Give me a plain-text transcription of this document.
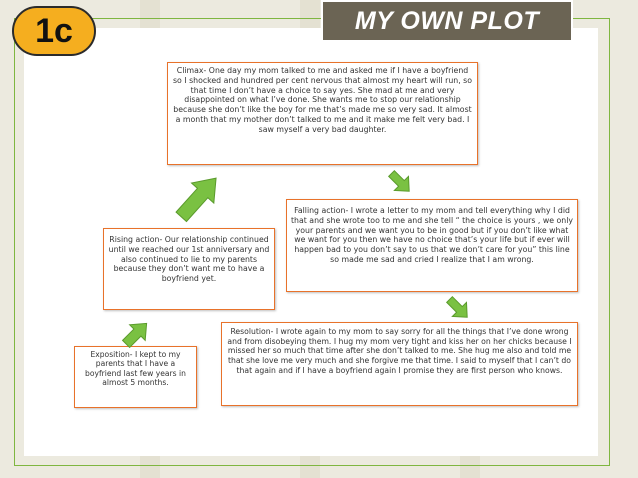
1c	MY OWN PLOT
Climax- One day my mom talked to me and asked me if I have a boyfriend so I shocked and hundred per cent nervous that almost my heart will run, so that time I don’t have a choice to say yes. She mad at me and very disappointed on what I’ve done. She wants me to stop our relationship because she don’t like the boy for me that’s made me so very sad. It almost a month that my mother don’t talked to me and it make me felt very bad. I saw myself a very bad daughter.
Falling action- I wrote a letter to my mom and tell everything why I did that and she wrote too to me and she tell “ the choice is yours , we only your parents and we want you to be in good but if you don’t like what we want for you then we have no choice that’s your life but if ever will happen bad to you don’t say to us that we don’t care for you” this line so made me sad and cried I realize that I am wrong.
Rising action- Our relationship continued until we reached our 1st anniversary and also continued to lie to my parents because they don’t want me to have a boyfriend yet.
Exposition- I kept to my parents that I have a boyfriend last few years in almost 5 months.
Resolution- I wrote again to my mom to say sorry for all the things that I’ve done wrong and from disobeying them. I hug my mom very tight and kiss her on her chicks because I missed her so much that time after she don’t talked to me. She hug me also and told me that she love me very much and she forgive me that time. I said to myself that I can’t do that again and if I have a boyfriend again I promise they are first person who knows.
